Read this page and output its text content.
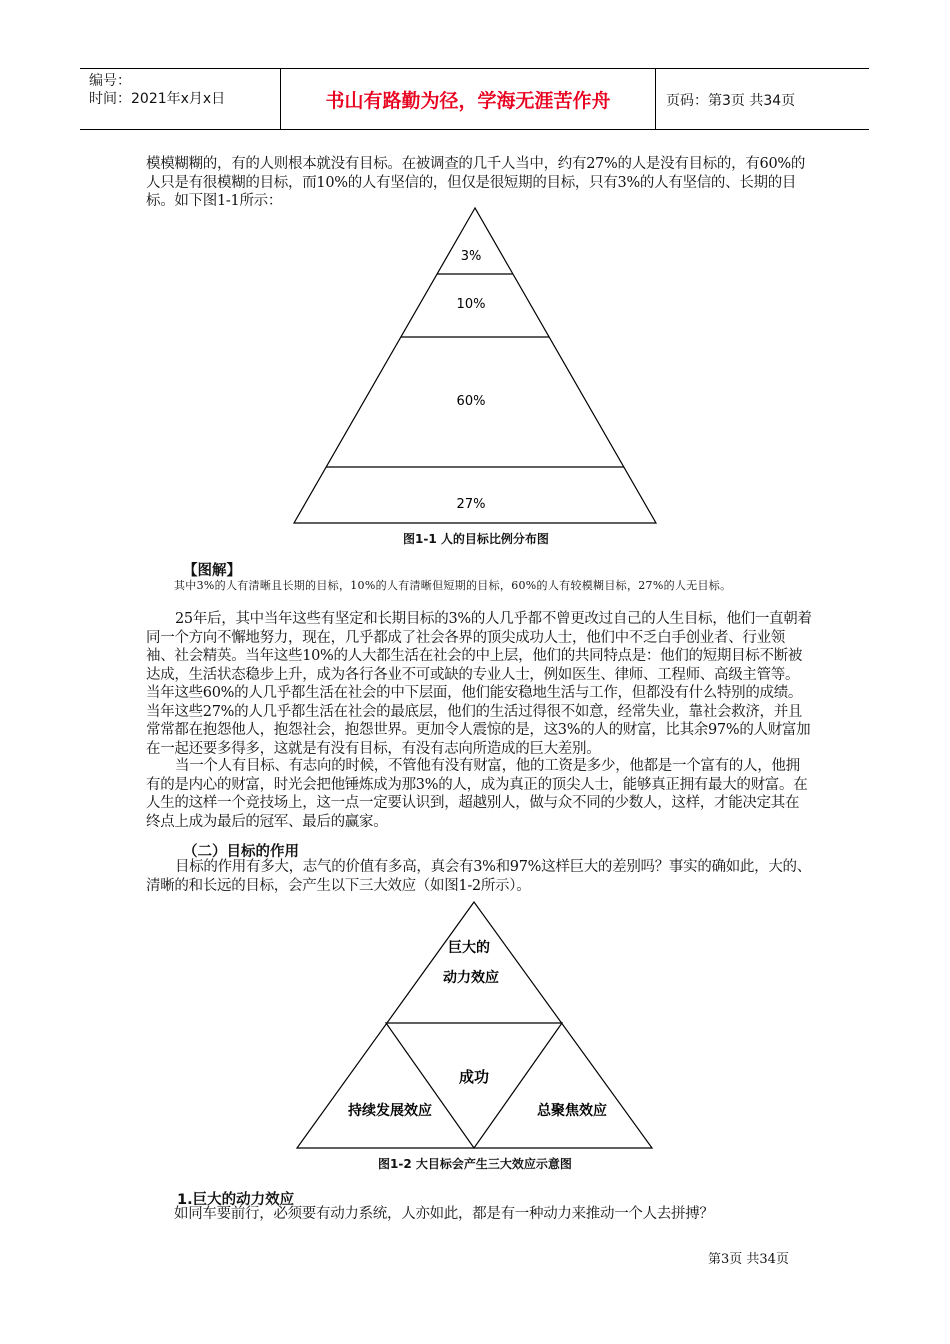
编号：
时间：2021年x月x日	书山有路勤为径，学海无涯苦作舟	页码：第3页 共34页

模模糊糊的，有的人则根本就没有目标。在被调查的几千人当中，约有27%的人是没有目标的，有60%的人只是有很模糊的目标，而10%的人有坚信的，但仅是很短期的目标，只有3%的人有坚信的、长期的目标。如下图1-1所示：

3%
10%
60%
27%
图1-1 人的目标比例分布图
【图解】

其中3%的人有清晰且长期的目标，10%的人有清晰但短期的目标，60%的人有较模糊目标，27%的人无目标。

25年后，其中当年这些有坚定和长期目标的3%的人几乎都不曾更改过自己的人生目标，他们一直朝着同一个方向不懈地努力，现在，几乎都成了社会各界的顶尖成功人士，他们中不乏白手创业者、行业领袖、社会精英。当年这些10%的人大都生活在社会的中上层，他们的共同特点是：他们的短期目标不断被达成，生活状态稳步上升，成为各行各业不可或缺的专业人士，例如医生、律师、工程师、高级主管等。当年这些60%的人几乎都生活在社会的中下层面，他们能安稳地生活与工作，但都没有什么特别的成绩。当年这些27%的人几乎都生活在社会的最底层，他们的生活过得很不如意，经常失业，靠社会救济，并且常常都在抱怨他人，抱怨社会，抱怨世界。更加令人震惊的是，这3%的人的财富，比其余97%的人财富加在一起还要多得多，这就是有没有目标，有没有志向所造成的巨大差别。

当一个人有目标、有志向的时候，不管他有没有财富，他的工资是多少，他都是一个富有的人，他拥有的是内心的财富，时光会把他锤炼成为那3%的人，成为真正的顶尖人士，能够真正拥有最大的财富。在人生的这样一个竞技场上，这一点一定要认识到，超越别人，做与众不同的少数人，这样，才能决定其在终点上成为最后的冠军、最后的赢家。

（二）目标的作用

目标的作用有多大，志气的价值有多高，真会有3%和97%这样巨大的差别吗？事实的确如此，大的、清晰的和长远的目标，会产生以下三大效应（如图1-2所示）。

巨大的
动力效应
成功
持续发展效应	总聚焦效应
图1-2 大目标会产生三大效应示意图
1.巨大的动力效应

如同车要前行，必须要有动力系统，人亦如此，都是有一种动力来推动一个人去拼搏？

第3页 共34页
